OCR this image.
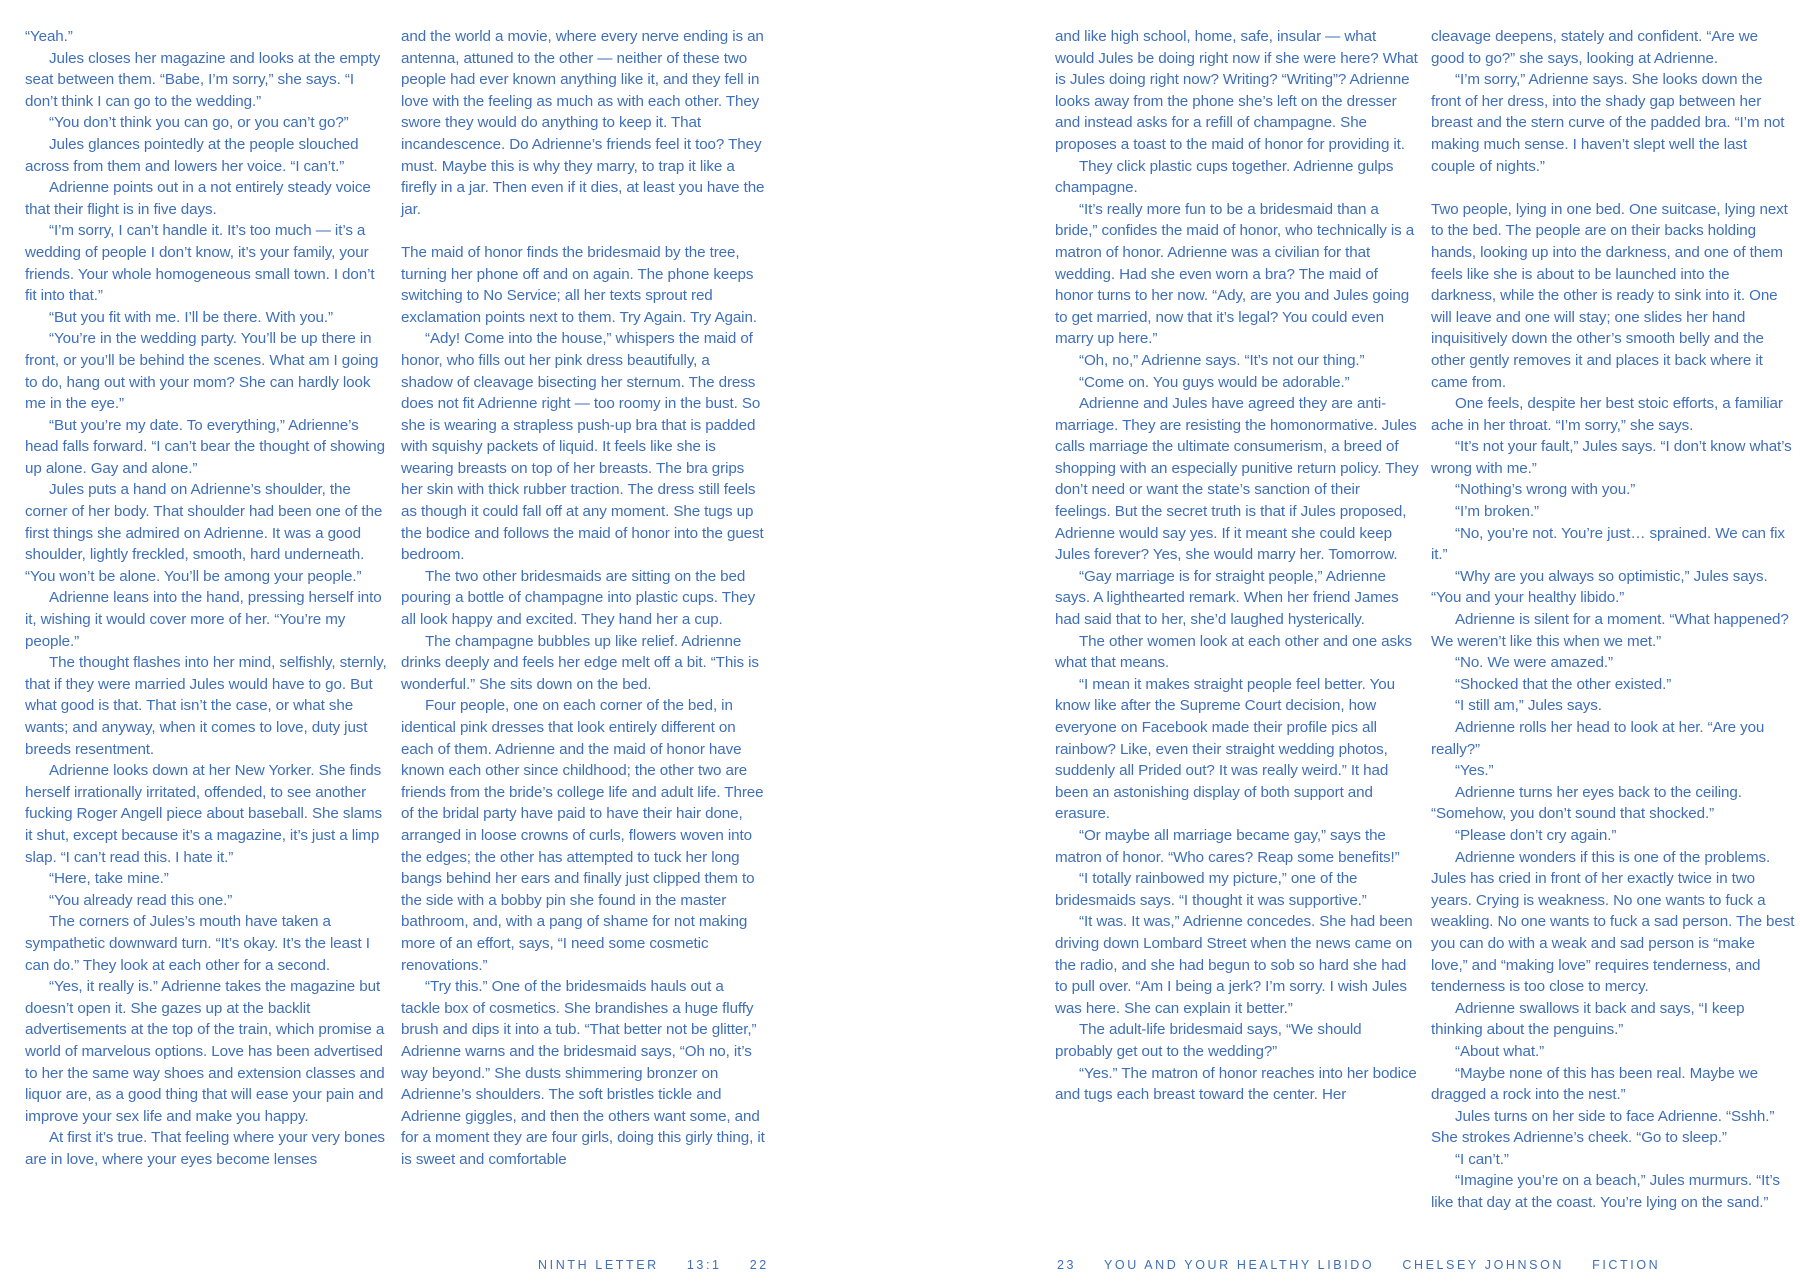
“Yeah.”

Jules closes her magazine and looks at the empty seat between them. “Babe, I’m sorry,” she says. “I don’t think I can go to the wedding.”

“You don’t think you can go, or you can’t go?”

Jules glances pointedly at the people slouched across from them and lowers her voice. “I can’t.”

Adrienne points out in a not entirely steady voice that their flight is in five days.

“I’m sorry, I can’t handle it. It’s too much — it’s a wedding of people I don’t know, it’s your family, your friends. Your whole homogeneous small town. I don’t fit into that.”

“But you fit with me. I’ll be there. With you.”

“You’re in the wedding party. You’ll be up there in front, or you’ll be behind the scenes. What am I going to do, hang out with your mom? She can hardly look me in the eye.”

“But you’re my date. To everything,” Adrienne’s head falls forward. “I can’t bear the thought of showing up alone. Gay and alone.”

Jules puts a hand on Adrienne’s shoulder, the corner of her body. That shoulder had been one of the first things she admired on Adrienne. It was a good shoulder, lightly freckled, smooth, hard underneath. “You won’t be alone. You’ll be among your people.”

Adrienne leans into the hand, pressing herself into it, wishing it would cover more of her. “You’re my people.”

The thought flashes into her mind, selfishly, sternly, that if they were married Jules would have to go. But what good is that. That isn’t the case, or what she wants; and anyway, when it comes to love, duty just breeds resentment.

Adrienne looks down at her New Yorker. She finds herself irrationally irritated, offended, to see another fucking Roger Angell piece about baseball. She slams it shut, except because it’s a magazine, it’s just a limp slap. “I can’t read this. I hate it.”

“Here, take mine.”

“You already read this one.”

The corners of Jules’s mouth have taken a sympathetic downward turn. “It’s okay. It’s the least I can do.” They look at each other for a second.

“Yes, it really is.” Adrienne takes the magazine but doesn’t open it. She gazes up at the backlit advertisements at the top of the train, which promise a world of marvelous options. Love has been advertised to her the same way shoes and extension classes and liquor are, as a good thing that will ease your pain and improve your sex life and make you happy.

At first it’s true. That feeling where your very bones are in love, where your eyes become lenses

and the world a movie, where every nerve ending is an antenna, attuned to the other — neither of these two people had ever known anything like it, and they fell in love with the feeling as much as with each other. They swore they would do anything to keep it. That incandescence. Do Adrienne’s friends feel it too? They must. Maybe this is why they marry, to trap it like a firefly in a jar. Then even if it dies, at least you have the jar.

The maid of honor finds the bridesmaid by the tree, turning her phone off and on again. The phone keeps switching to No Service; all her texts sprout red exclamation points next to them. Try Again. Try Again.

“Ady! Come into the house,” whispers the maid of honor, who fills out her pink dress beautifully, a shadow of cleavage bisecting her sternum. The dress does not fit Adrienne right — too roomy in the bust. So she is wearing a strapless push-up bra that is padded with squishy packets of liquid. It feels like she is wearing breasts on top of her breasts. The bra grips her skin with thick rubber traction. The dress still feels as though it could fall off at any moment. She tugs up the bodice and follows the maid of honor into the guest bedroom.

The two other bridesmaids are sitting on the bed pouring a bottle of champagne into plastic cups. They all look happy and excited. They hand her a cup.

The champagne bubbles up like relief. Adrienne drinks deeply and feels her edge melt off a bit. “This is wonderful.” She sits down on the bed.

Four people, one on each corner of the bed, in identical pink dresses that look entirely different on each of them. Adrienne and the maid of honor have known each other since childhood; the other two are friends from the bride’s college life and adult life. Three of the bridal party have paid to have their hair done, arranged in loose crowns of curls, flowers woven into the edges; the other has attempted to tuck her long bangs behind her ears and finally just clipped them to the side with a bobby pin she found in the master bathroom, and, with a pang of shame for not making more of an effort, says, “I need some cosmetic renovations.”

“Try this.” One of the bridesmaids hauls out a tackle box of cosmetics. She brandishes a huge fluffy brush and dips it into a tub. “That better not be glitter,” Adrienne warns and the bridesmaid says, “Oh no, it’s way beyond.” She dusts shimmering bronzer on Adrienne’s shoulders. The soft bristles tickle and Adrienne giggles, and then the others want some, and for a moment they are four girls, doing this girly thing, it is sweet and comfortable

and like high school, home, safe, insular — what would Jules be doing right now if she were here? What is Jules doing right now? Writing? “Writing”? Adrienne looks away from the phone she’s left on the dresser and instead asks for a refill of champagne. She proposes a toast to the maid of honor for providing it.

They click plastic cups together. Adrienne gulps champagne.

“It’s really more fun to be a bridesmaid than a bride,” confides the maid of honor, who technically is a matron of honor. Adrienne was a civilian for that wedding. Had she even worn a bra? The maid of honor turns to her now. “Ady, are you and Jules going to get married, now that it’s legal? You could even marry up here.”

“Oh, no,” Adrienne says. “It’s not our thing.”

“Come on. You guys would be adorable.”

Adrienne and Jules have agreed they are anti-marriage. They are resisting the homonormative. Jules calls marriage the ultimate consumerism, a breed of shopping with an especially punitive return policy. They don’t need or want the state’s sanction of their feelings. But the secret truth is that if Jules proposed, Adrienne would say yes. If it meant she could keep Jules forever? Yes, she would marry her. Tomorrow.

“Gay marriage is for straight people,” Adrienne says. A lighthearted remark. When her friend James had said that to her, she’d laughed hysterically.

The other women look at each other and one asks what that means.

“I mean it makes straight people feel better. You know like after the Supreme Court decision, how everyone on Facebook made their profile pics all rainbow? Like, even their straight wedding photos, suddenly all Prided out? It was really weird.” It had been an astonishing display of both support and erasure.

“Or maybe all marriage became gay,” says the matron of honor. “Who cares? Reap some benefits!”

“I totally rainbowed my picture,” one of the bridesmaids says. “I thought it was supportive.”

“It was. It was,” Adrienne concedes. She had been driving down Lombard Street when the news came on the radio, and she had begun to sob so hard she had to pull over. “Am I being a jerk? I’m sorry. I wish Jules was here. She can explain it better.”

The adult-life bridesmaid says, “We should probably get out to the wedding?”

“Yes.” The matron of honor reaches into her bodice and tugs each breast toward the center. Her

cleavage deepens, stately and confident. “Are we good to go?” she says, looking at Adrienne.

“I’m sorry,” Adrienne says. She looks down the front of her dress, into the shady gap between her breast and the stern curve of the padded bra. “I’m not making much sense. I haven’t slept well the last couple of nights.”

Two people, lying in one bed. One suitcase, lying next to the bed. The people are on their backs holding hands, looking up into the darkness, and one of them feels like she is about to be launched into the darkness, while the other is ready to sink into it. One will leave and one will stay; one slides her hand inquisitively down the other’s smooth belly and the other gently removes it and places it back where it came from.

One feels, despite her best stoic efforts, a familiar ache in her throat. “I’m sorry,” she says.

“It’s not your fault,” Jules says. “I don’t know what’s wrong with me.”

“Nothing’s wrong with you.”

“I’m broken.”

“No, you’re not. You’re just… sprained. We can fix it.”

“Why are you always so optimistic,” Jules says. “You and your healthy libido.”

Adrienne is silent for a moment. “What happened? We weren’t like this when we met.”

“No. We were amazed.”

“Shocked that the other existed.”

“I still am,” Jules says.

Adrienne rolls her head to look at her. “Are you really?”

“Yes.”

Adrienne turns her eyes back to the ceiling. “Somehow, you don’t sound that shocked.”

“Please don’t cry again.”

Adrienne wonders if this is one of the problems. Jules has cried in front of her exactly twice in two years. Crying is weakness. No one wants to fuck a weakling. No one wants to fuck a sad person. The best you can do with a weak and sad person is “make love,” and “making love” requires tenderness, and tenderness is too close to mercy.

Adrienne swallows it back and says, “I keep thinking about the penguins.”

“About what.”

“Maybe none of this has been real. Maybe we dragged a rock into the nest.”

Jules turns on her side to face Adrienne. “Sshh.” She strokes Adrienne’s cheek. “Go to sleep.”

“I can’t.”

“Imagine you’re on a beach,” Jules murmurs. “It’s like that day at the coast. You’re lying on the sand.”

NINTH LETTER 13:1 22	23 YOU AND YOUR HEALTHY LIBIDO CHELSEY JOHNSON FICTION
